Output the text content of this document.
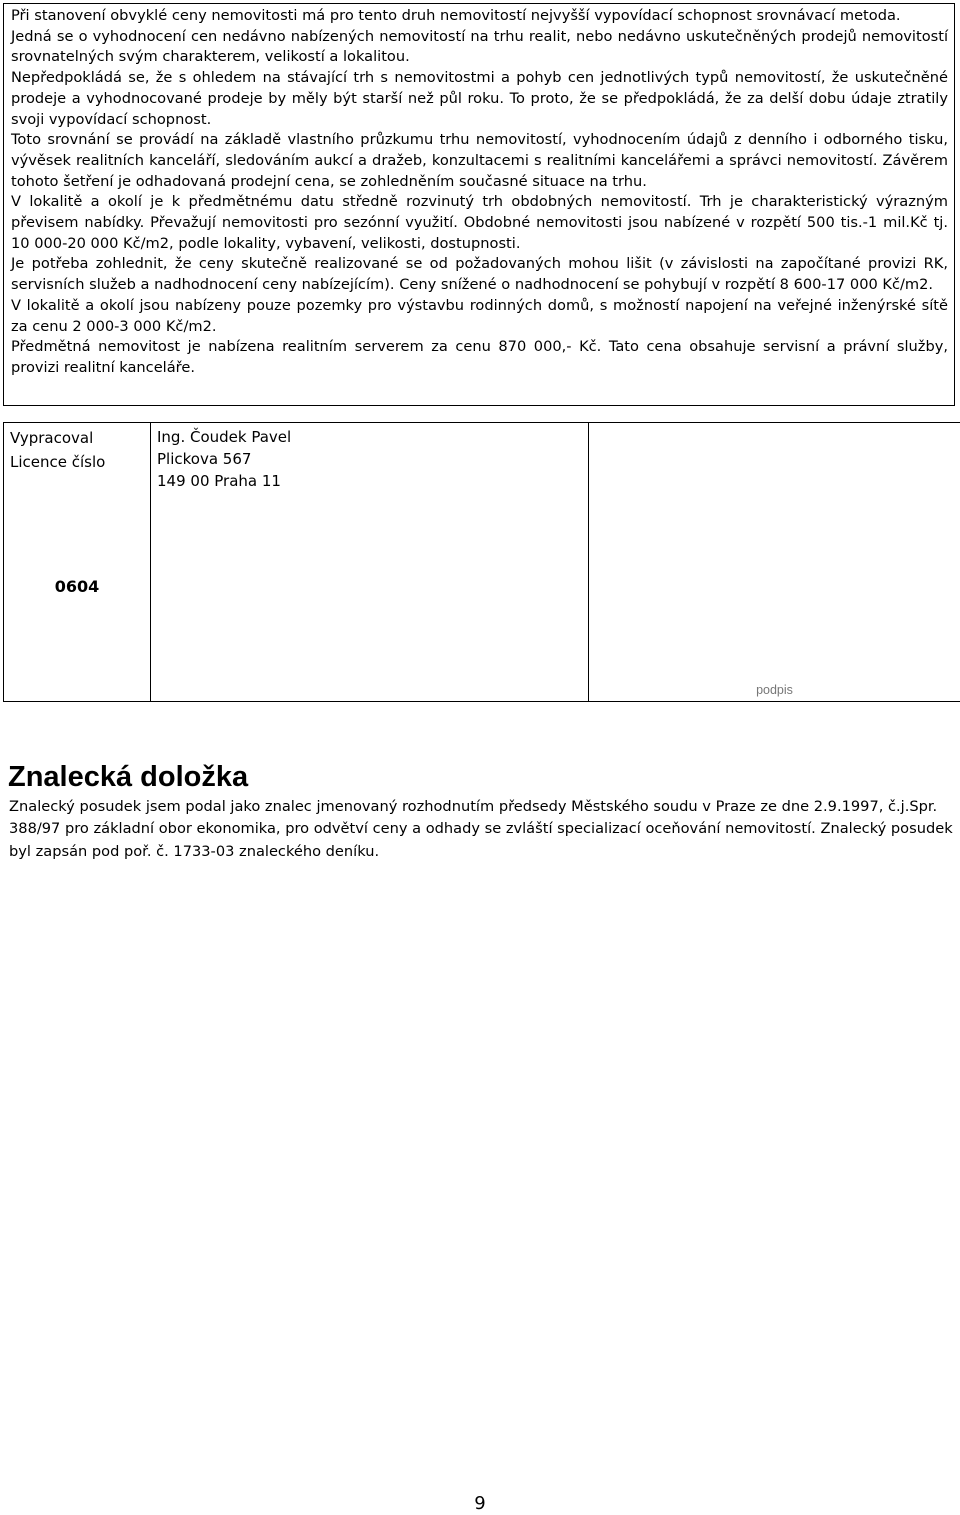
Při stanovení obvyklé ceny nemovitosti má pro tento druh nemovitostí nejvyšší vypovídací schopnost srovnávací metoda.

Jedná se o vyhodnocení cen nedávno nabízených nemovitostí na trhu realit, nebo nedávno uskutečněných prodejů nemovitostí srovnatelných svým charakterem, velikostí a lokalitou.

Nepředpokládá se, že s ohledem na stávající trh s nemovitostmi a pohyb cen jednotlivých typů nemovitostí, že uskutečněné prodeje a vyhodnocované prodeje by měly být starší než půl roku. To proto, že se předpokládá, že za delší dobu údaje ztratily svoji vypovídací schopnost.

Toto srovnání se provádí na základě vlastního průzkumu trhu nemovitostí, vyhodnocením údajů z denního i odborného tisku, vývěsek realitních kanceláří, sledováním aukcí a dražeb, konzultacemi s realitními kancelářemi a správci nemovitostí. Závěrem tohoto šetření je odhadovaná prodejní cena, se zohledněním současné situace na trhu.

V lokalitě a okolí je k předmětnému datu středně rozvinutý trh obdobných nemovitostí. Trh je charakteristický výrazným převisem nabídky. Převažují nemovitosti pro sezónní využití. Obdobné nemovitosti jsou nabízené v rozpětí 500 tis.-1 mil.Kč tj. 10 000-20 000 Kč/m2, podle lokality, vybavení, velikosti, dostupnosti.

Je potřeba zohlednit, že ceny skutečně realizované se od požadovaných mohou lišit (v závislosti na započítané provizi RK, servisních služeb a nadhodnocení ceny nabízejícím). Ceny snížené o nadhodnocení se pohybují v rozpětí 8 600-17 000 Kč/m2.

V lokalitě a okolí jsou nabízeny pouze pozemky pro výstavbu rodinných domů, s možností napojení na veřejné inženýrské sítě za cenu 2 000-3 000 Kč/m2.

Předmětná nemovitost je nabízena realitním serverem za cenu 870 000,- Kč. Tato cena obsahuje servisní a právní služby, provizi realitní kanceláře.

Vypracoval
Licence číslo
0604

Ing. Čoudek Pavel
Plickova 567
149 00 Praha 11

podpis
Znalecká doložka

Znalecký posudek jsem podal jako znalec jmenovaný rozhodnutím předsedy Městského soudu v Praze ze dne 2.9.1997, č.j.Spr. 388/97 pro základní obor ekonomika, pro odvětví ceny a odhady se zvláští specializací oceňování nemovitostí. Znalecký posudek byl zapsán pod poř. č. 1733-03 znaleckého deníku.

9
